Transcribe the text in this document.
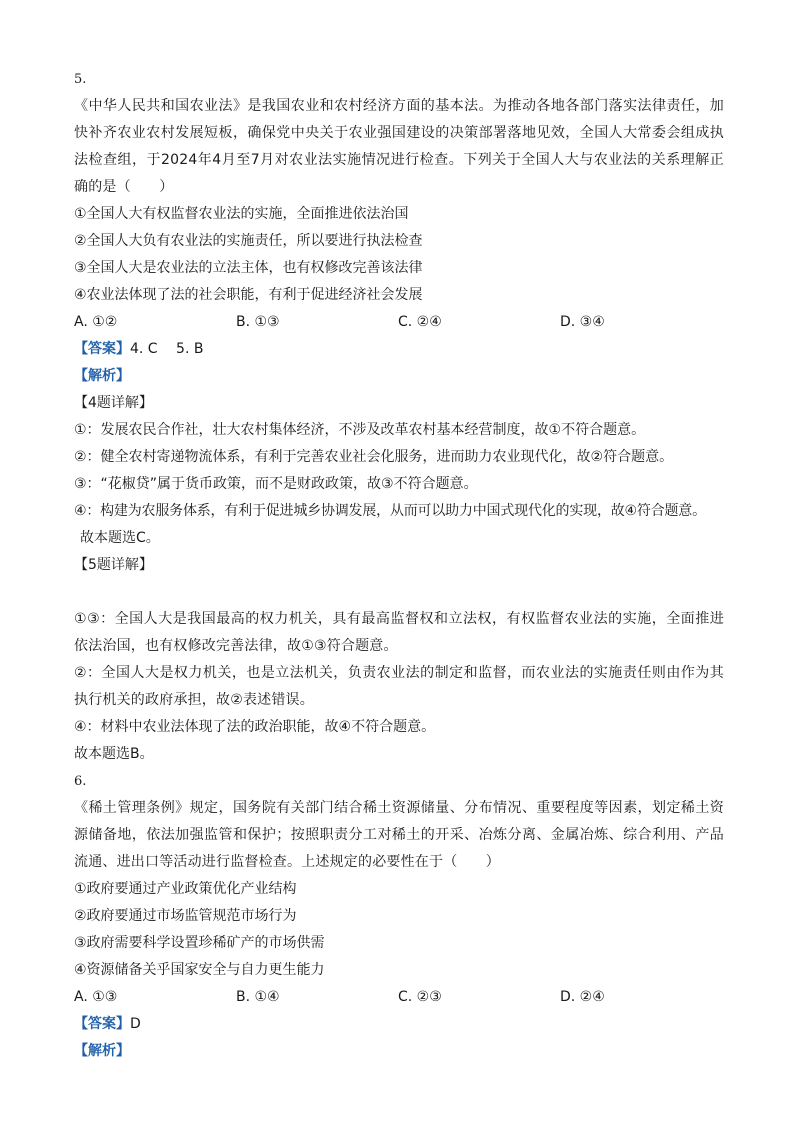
5.
《中华人民共和国农业法》是我国农业和农村经济方面的基本法。为推动各地各部门落实法律责任，加快补齐农业农村发展短板，确保党中央关于农业强国建设的决策部署落地见效，全国人大常委会组成执法检查组，于2024年4月至7月对农业法实施情况进行检查。下列关于全国人大与农业法的关系理解正确的是（　　）
①全国人大有权监督农业法的实施，全面推进依法治国
②全国人大负有农业法的实施责任，所以要进行执法检查
③全国人大是农业法的立法主体，也有权修改完善该法律
④农业法体现了法的社会职能，有利于促进经济社会发展
A. ①②	B. ①③	C. ②④	D. ③④
【答案】4. C　 5. B
【解析】
【4题详解】
①：发展农民合作社，壮大农村集体经济，不涉及改革农村基本经营制度，故①不符合题意。
②：健全农村寄递物流体系，有利于完善农业社会化服务，进而助力农业现代化，故②符合题意。
③：“花椒贷”属于货币政策，而不是财政政策，故③不符合题意。
④：构建为农服务体系，有利于促进城乡协调发展，从而可以助力中国式现代化的实现，故④符合题意。
故本题选C。
【5题详解】
①③：全国人大是我国最高的权力机关，具有最高监督权和立法权，有权监督农业法的实施，全面推进依法治国，也有权修改完善法律，故①③符合题意。
②：全国人大是权力机关，也是立法机关，负责农业法的制定和监督，而农业法的实施责任则由作为其执行机关的政府承担，故②表述错误。
④：材料中农业法体现了法的政治职能，故④不符合题意。
故本题选B。
6.
《稀土管理条例》规定，国务院有关部门结合稀土资源储量、分布情况、重要程度等因素，划定稀土资源储备地，依法加强监管和保护；按照职责分工对稀土的开采、冶炼分离、金属冶炼、综合利用、产品流通、进出口等活动进行监督检查。上述规定的必要性在于（　　）
①政府要通过产业政策优化产业结构
②政府要通过市场监管规范市场行为
③政府需要科学设置珍稀矿产的市场供需
④资源储备关乎国家安全与自力更生能力
A. ①③	B. ①④	C. ②③	D. ②④
【答案】D
【解析】
